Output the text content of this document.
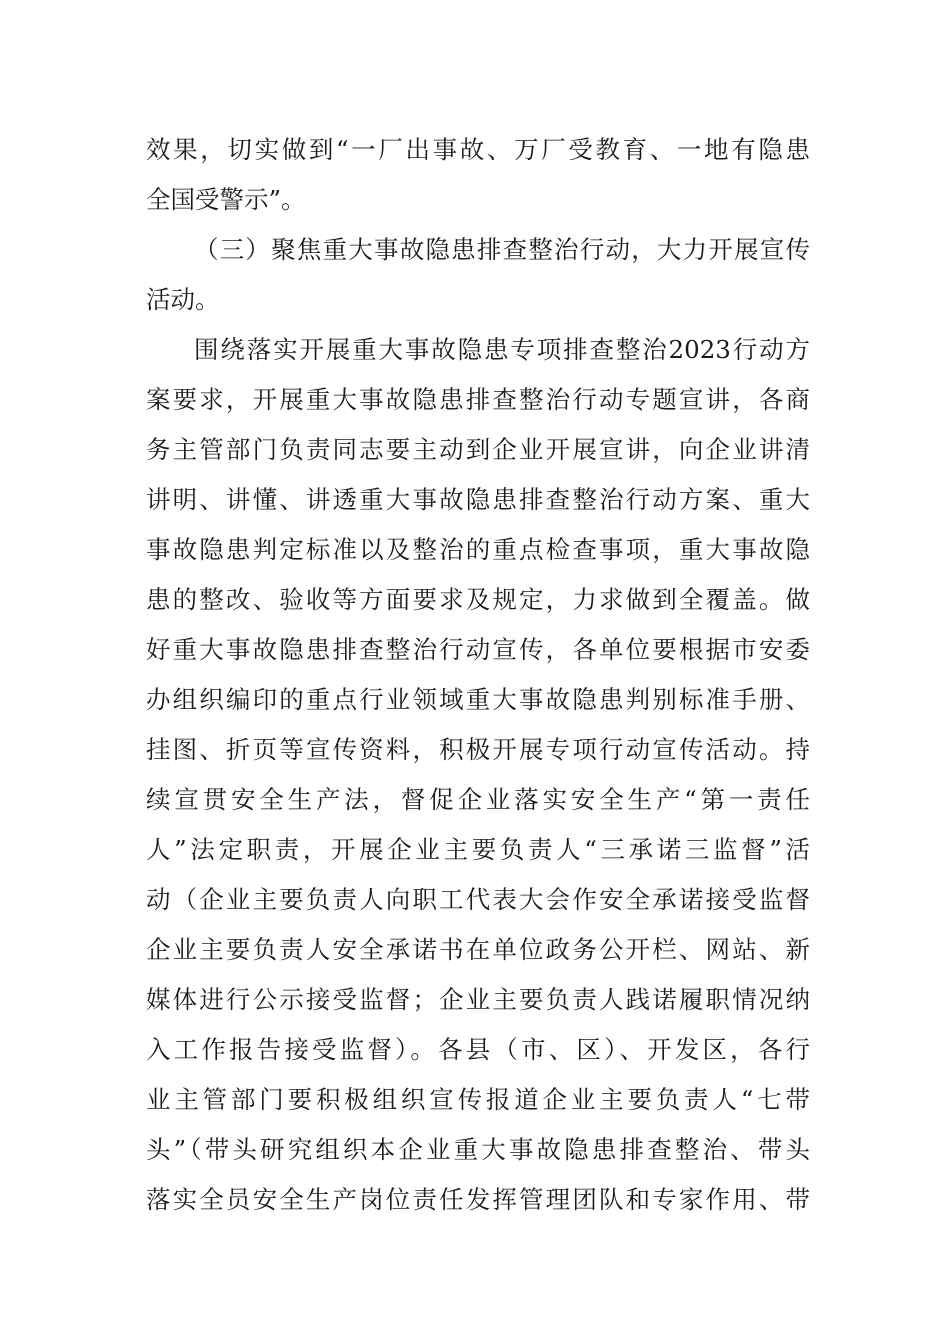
效果，切实做到“一厂出事故、万厂受教育、一地有隐患
全国受警示”。
（三）聚焦重大事故隐患排查整治行动，大力开展宣传
活动。
围绕落实开展重大事故隐患专项排查整治2023行动方
案要求，开展重大事故隐患排查整治行动专题宣讲，各商
务主管部门负责同志要主动到企业开展宣讲，向企业讲清
讲明、讲懂、讲透重大事故隐患排查整治行动方案、重大
事故隐患判定标准以及整治的重点检查事项，重大事故隐
患的整改、验收等方面要求及规定，力求做到全覆盖。做
好重大事故隐患排查整治行动宣传，各单位要根据市安委
办组织编印的重点行业领域重大事故隐患判别标准手册、
挂图、折页等宣传资料，积极开展专项行动宣传活动。持
续宣贯安全生产法，督促企业落实安全生产“第一责任
人”法定职责，开展企业主要负责人“三承诺三监督”活
动（企业主要负责人向职工代表大会作安全承诺接受监督
企业主要负责人安全承诺书在单位政务公开栏、网站、新
媒体进行公示接受监督；企业主要负责人践诺履职情况纳
入工作报告接受监督）。各县（市、区）、开发区，各行
业主管部门要积极组织宣传报道企业主要负责人“七带
头”（带头研究组织本企业重大事故隐患排查整治、带头
落实全员安全生产岗位责任发挥管理团队和专家作用、带
